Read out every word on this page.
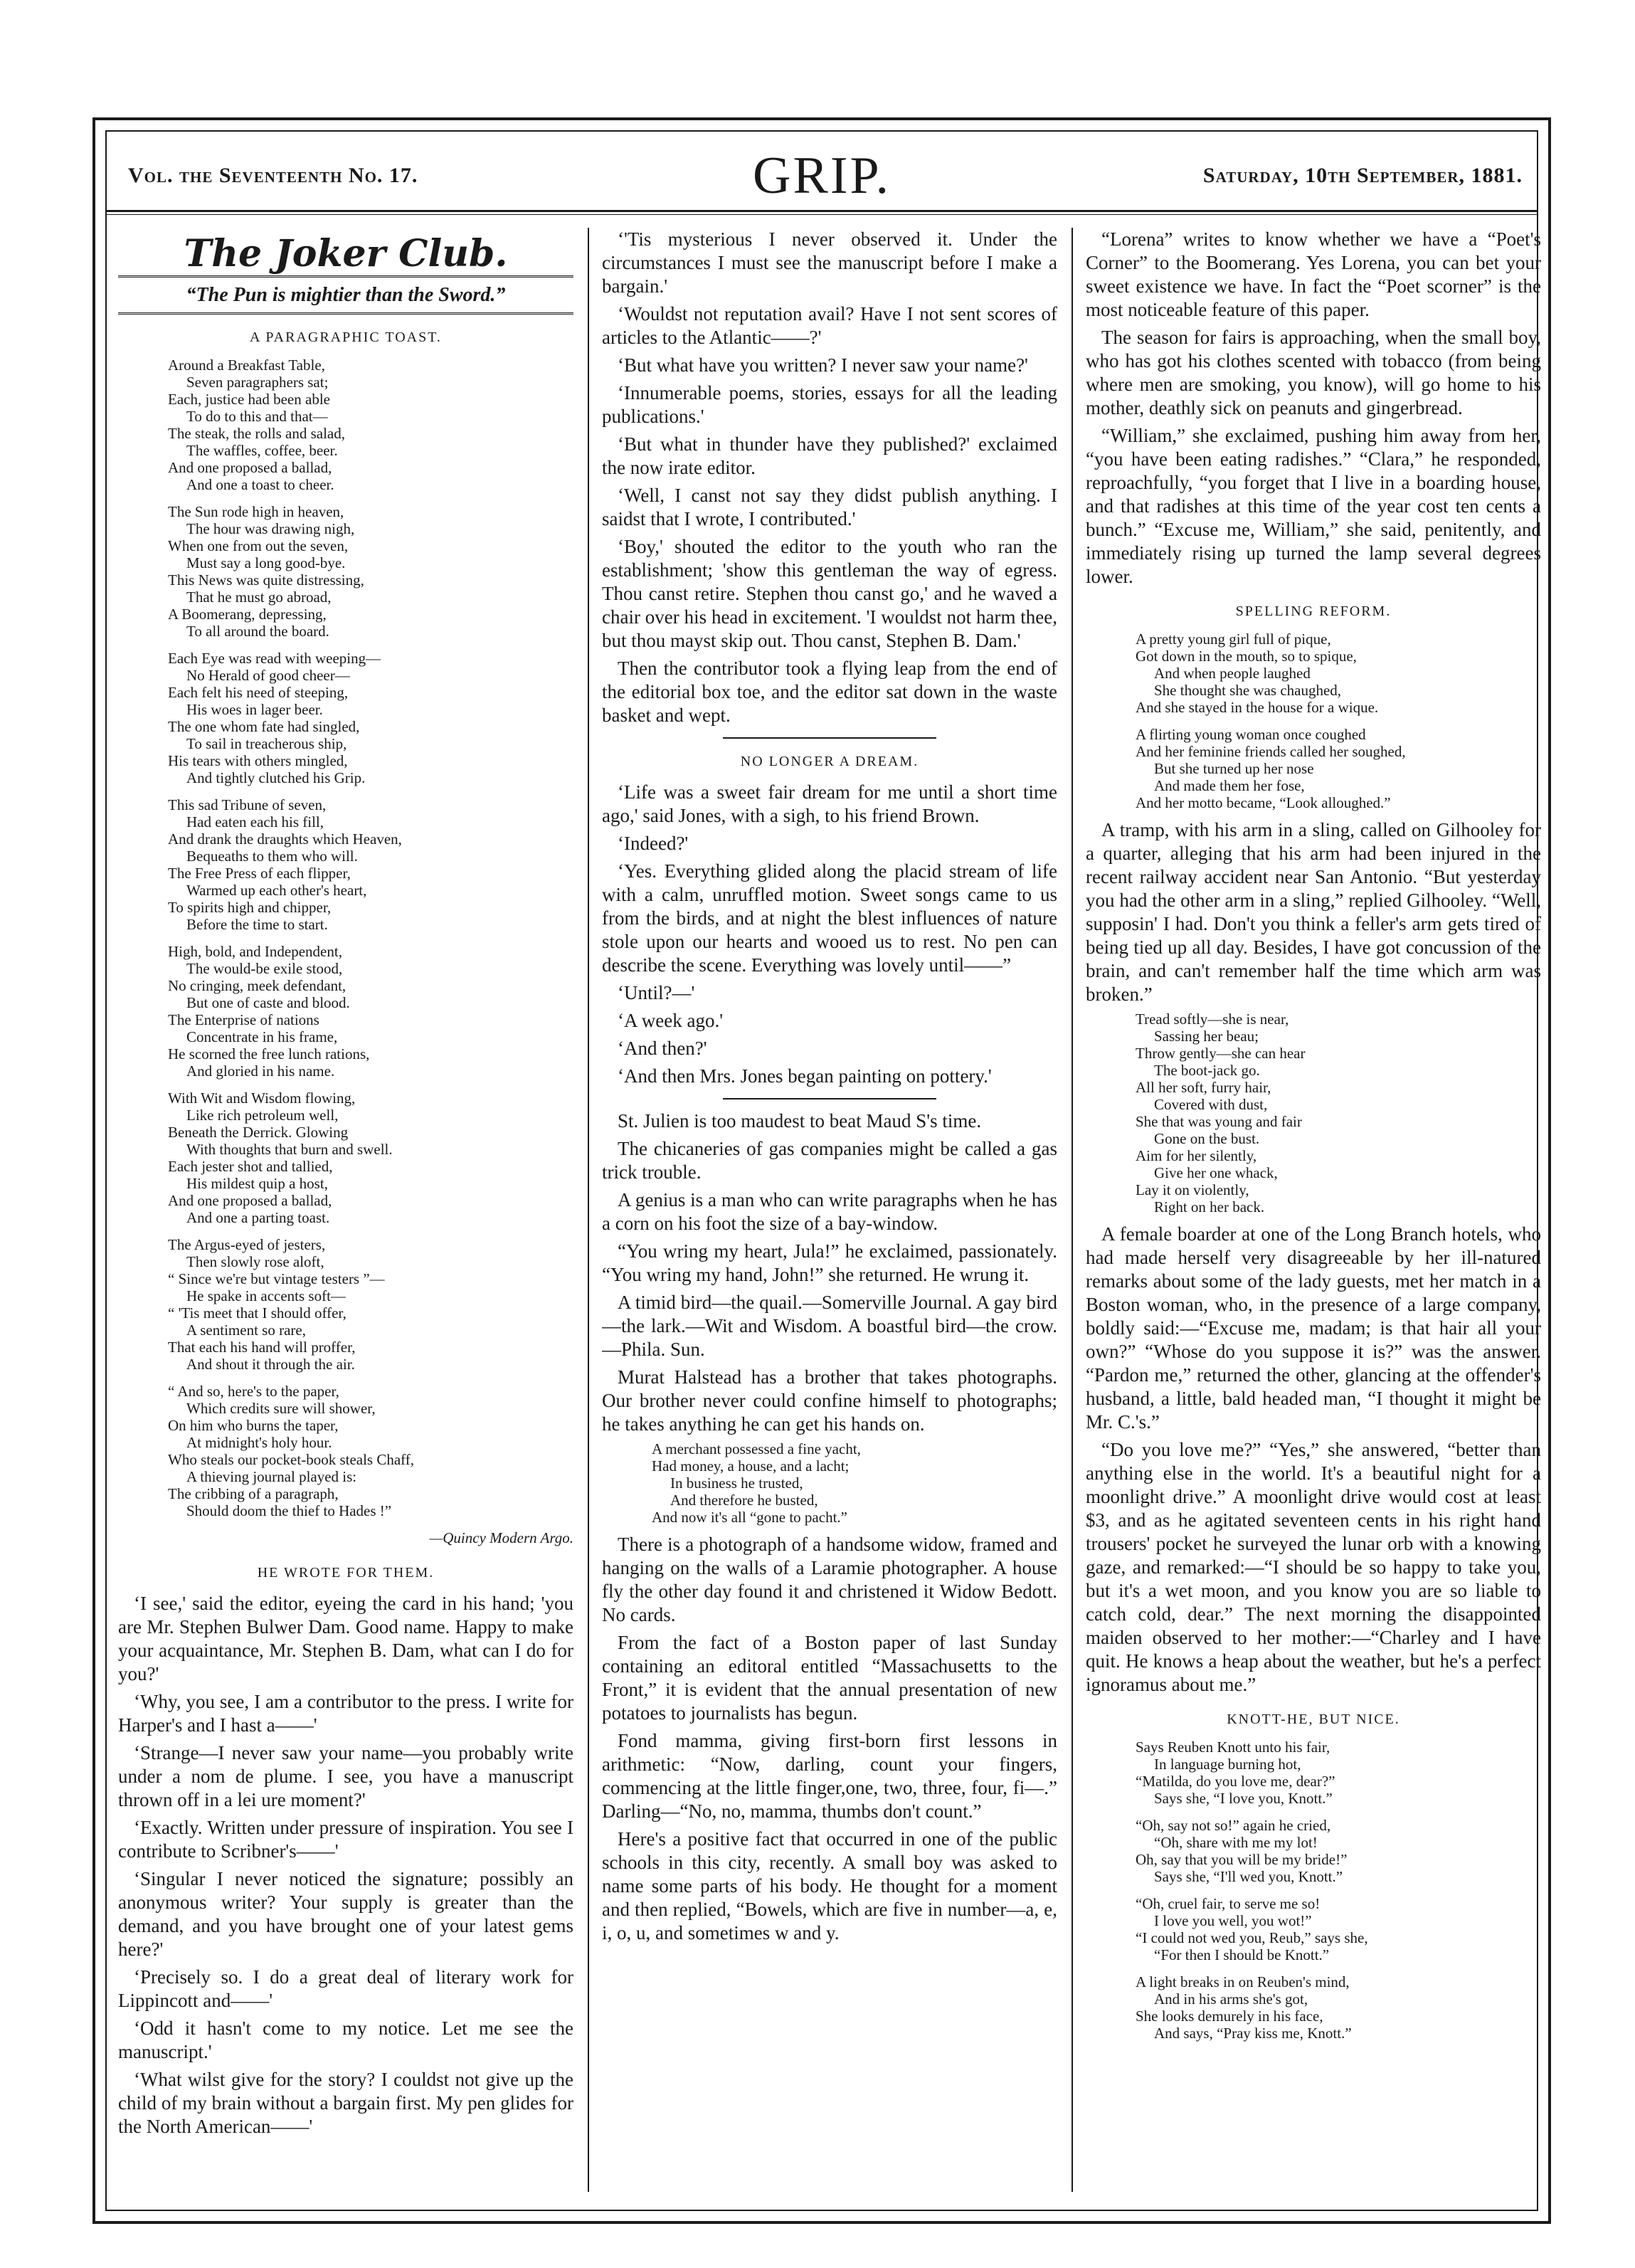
Vol. the Seventeenth No. 17.	GRIP.	Saturday, 10th September, 1881.
The Joker Club.
“The Pun is mightier than the Sword.”
A PARAGRAPHIC TOAST.
Around a Breakfast Table,
Seven paragraphers sat;
Each, justice had been able
To do to this and that—
The steak, the rolls and salad,
The waffles, coffee, beer.
And one proposed a ballad,
And one a toast to cheer.
The Sun rode high in heaven,
The hour was drawing nigh,
When one from out the seven,
Must say a long good-bye.
This News was quite distressing,
That he must go abroad,
A Boomerang, depressing,
To all around the board.
Each Eye was read with weeping—
No Herald of good cheer—
Each felt his need of steeping,
His woes in lager beer.
The one whom fate had singled,
To sail in treacherous ship,
His tears with others mingled,
And tightly clutched his Grip.
This sad Tribune of seven,
Had eaten each his fill,
And drank the draughts which Heaven,
Bequeaths to them who will.
The Free Press of each flipper,
Warmed up each other's heart,
To spirits high and chipper,
Before the time to start.
High, bold, and Independent,
The would-be exile stood,
No cringing, meek defendant,
But one of caste and blood.
The Enterprise of nations
Concentrate in his frame,
He scorned the free lunch rations,
And gloried in his name.
With Wit and Wisdom flowing,
Like rich petroleum well,
Beneath the Derrick. Glowing
With thoughts that burn and swell.
Each jester shot and tallied,
His mildest quip a host,
And one proposed a ballad,
And one a parting toast.
The Argus-eyed of jesters,
Then slowly rose aloft,
“ Since we're but vintage testers ”—
He spake in accents soft—
“ 'Tis meet that I should offer,
A sentiment so rare,
That each his hand will proffer,
And shout it through the air.
“ And so, here's to the paper,
Which credits sure will shower,
On him who burns the taper,
At midnight's holy hour.
Who steals our pocket-book steals Chaff,
A thieving journal played is:
The cribbing of a paragraph,
Should doom the thief to Hades !”
—Quincy Modern Argo.
HE WROTE FOR THEM.

‘I see,' said the editor, eyeing the card in his hand; 'you are Mr. Stephen Bulwer Dam. Good name. Happy to make your acquaintance, Mr. Stephen B. Dam, what can I do for you?'

‘Why, you see, I am a contributor to the press. I write for Harper's and I hast a——'

‘Strange—I never saw your name—you probably write under a nom de plume. I see, you have a manuscript thrown off in a lei ure moment?'

‘Exactly. Written under pressure of inspiration. You see I contribute to Scribner's——'

‘Singular I never noticed the signature; possibly an anonymous writer? Your supply is greater than the demand, and you have brought one of your latest gems here?'

‘Precisely so. I do a great deal of literary work for Lippincott and——'

‘Odd it hasn't come to my notice. Let me see the manuscript.'

‘What wilst give for the story? I couldst not give up the child of my brain without a bargain first. My pen glides for the North American——'

‘'Tis mysterious I never observed it. Under the circumstances I must see the manuscript before I make a bargain.'

‘Wouldst not reputation avail? Have I not sent scores of articles to the Atlantic——?'

‘But what have you written? I never saw your name?'

‘Innumerable poems, stories, essays for all the leading publications.'

‘But what in thunder have they published?' exclaimed the now irate editor.

‘Well, I canst not say they didst publish anything. I saidst that I wrote, I contributed.'

‘Boy,' shouted the editor to the youth who ran the establishment; 'show this gentleman the way of egress. Thou canst retire. Stephen thou canst go,' and he waved a chair over his head in excitement. 'I wouldst not harm thee, but thou mayst skip out. Thou canst, Stephen B. Dam.'

Then the contributor took a flying leap from the end of the editorial box toe, and the editor sat down in the waste basket and wept.

NO LONGER A DREAM.

‘Life was a sweet fair dream for me until a short time ago,' said Jones, with a sigh, to his friend Brown.

‘Indeed?'

‘Yes. Everything glided along the placid stream of life with a calm, unruffled motion. Sweet songs came to us from the birds, and at night the blest influences of nature stole upon our hearts and wooed us to rest. No pen can describe the scene. Everything was lovely until——”

‘Until?—'

‘A week ago.'

‘And then?'

‘And then Mrs. Jones began painting on pottery.'

St. Julien is too maudest to beat Maud S's time.

The chicaneries of gas companies might be called a gas trick trouble.

A genius is a man who can write paragraphs when he has a corn on his foot the size of a bay-window.

“You wring my heart, Jula!” he exclaimed, passionately. “You wring my hand, John!” she returned. He wrung it.

A timid bird—the quail.—Somerville Journal. A gay bird—the lark.—Wit and Wisdom. A boastful bird—the crow.—Phila. Sun.

Murat Halstead has a brother that takes photographs. Our brother never could confine himself to photographs; he takes anything he can get his hands on.

A merchant possessed a fine yacht,
Had money, a house, and a lacht;
In business he trusted,
And therefore he busted,
And now it's all “gone to pacht.”

There is a photograph of a handsome widow, framed and hanging on the walls of a Laramie photographer. A house fly the other day found it and christened it Widow Bedott. No cards.

From the fact of a Boston paper of last Sunday containing an editoral entitled “Massachusetts to the Front,” it is evident that the annual presentation of new potatoes to journalists has begun.

Fond mamma, giving first-born first lessons in arithmetic: “Now, darling, count your fingers, commencing at the little finger,one, two, three, four, fi—.” Darling—“No, no, mamma, thumbs don't count.”

Here's a positive fact that occurred in one of the public schools in this city, recently. A small boy was asked to name some parts of his body. He thought for a moment and then replied, “Bowels, which are five in number—a, e, i, o, u, and sometimes w and y.

“Lorena” writes to know whether we have a “Poet's Corner” to the Boomerang. Yes Lorena, you can bet your sweet existence we have. In fact the “Poet scorner” is the most noticeable feature of this paper.

The season for fairs is approaching, when the small boy, who has got his clothes scented with tobacco (from being where men are smoking, you know), will go home to his mother, deathly sick on peanuts and gingerbread.

“William,” she exclaimed, pushing him away from her, “you have been eating radishes.” “Clara,” he responded, reproachfully, “you forget that I live in a boarding house, and that radishes at this time of the year cost ten cents a bunch.” “Excuse me, William,” she said, penitently, and immediately rising up turned the lamp several degrees lower.

SPELLING REFORM.
A pretty young girl full of pique,
Got down in the mouth, so to spique,
And when people laughed
She thought she was chaughed,
And she stayed in the house for a wique.
A flirting young woman once coughed
And her feminine friends called her soughed,
But she turned up her nose
And made them her fose,
And her motto became, “Look alloughed.”

A tramp, with his arm in a sling, called on Gilhooley for a quarter, alleging that his arm had been injured in the recent railway accident near San Antonio. “But yesterday you had the other arm in a sling,” replied Gilhooley. “Well, supposin' I had. Don't you think a feller's arm gets tired of being tied up all day. Besides, I have got concussion of the brain, and can't remember half the time which arm was broken.”

Tread softly—she is near,
Sassing her beau;
Throw gently—she can hear
The boot-jack go.
All her soft, furry hair,
Covered with dust,
She that was young and fair
Gone on the bust.
Aim for her silently,
Give her one whack,
Lay it on violently,
Right on her back.

A female boarder at one of the Long Branch hotels, who had made herself very disagreeable by her ill-natured remarks about some of the lady guests, met her match in a Boston woman, who, in the presence of a large company, boldly said:—“Excuse me, madam; is that hair all your own?” “Whose do you suppose it is?” was the answer. “Pardon me,” returned the other, glancing at the offender's husband, a little, bald headed man, “I thought it might be Mr. C.'s.”

“Do you love me?” “Yes,” she answered, “better than anything else in the world. It's a beautiful night for a moonlight drive.” A moonlight drive would cost at least $3, and as he agitated seventeen cents in his right hand trousers' pocket he surveyed the lunar orb with a knowing gaze, and remarked:—“I should be so happy to take you, but it's a wet moon, and you know you are so liable to catch cold, dear.” The next morning the disappointed maiden observed to her mother:—“Charley and I have quit. He knows a heap about the weather, but he's a perfect ignoramus about me.”

KNOTT-HE, BUT NICE.
Says Reuben Knott unto his fair,
In language burning hot,
“Matilda, do you love me, dear?”
Says she, “I love you, Knott.”
“Oh, say not so!” again he cried,
“Oh, share with me my lot!
Oh, say that you will be my bride!”
Says she, “I'll wed you, Knott.”
“Oh, cruel fair, to serve me so!
I love you well, you wot!”
“I could not wed you, Reub,” says she,
“For then I should be Knott.”
A light breaks in on Reuben's mind,
And in his arms she's got,
She looks demurely in his face,
And says, “Pray kiss me, Knott.”
